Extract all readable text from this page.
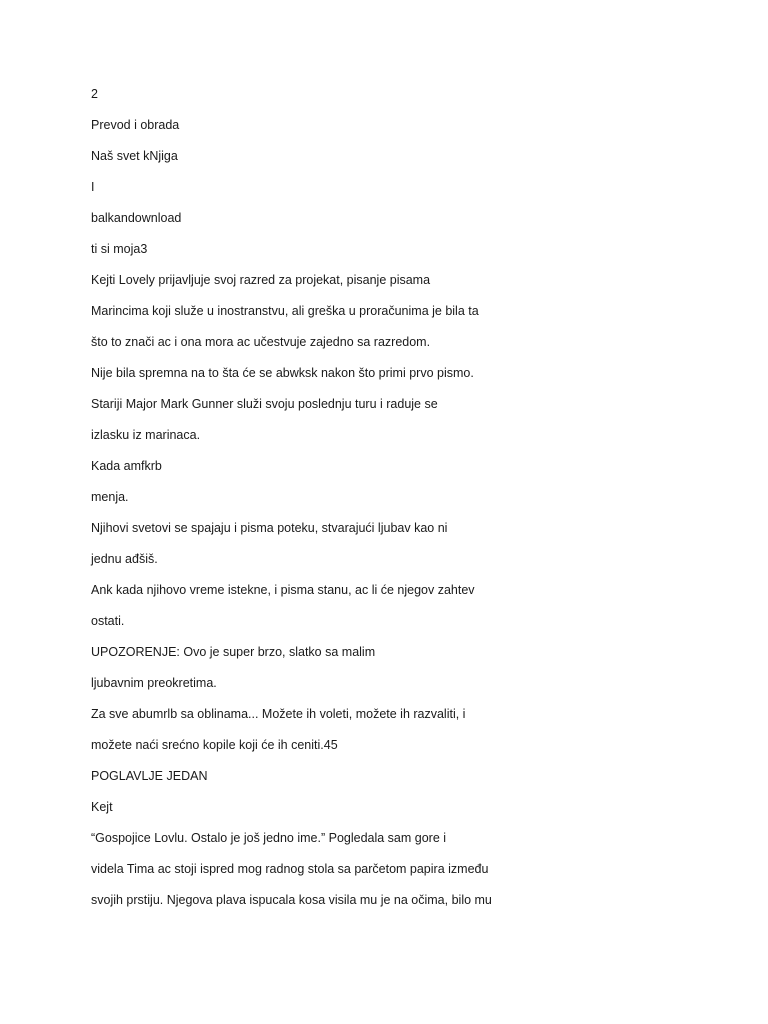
2

Prevod i obrada

Naš svet kNjiga

I

balkandownload

ti si moja3

Kejti Lovely prijavljuje svoj razred za projekat, pisanje pisama

Marincima koji služe u inostranstvu, ali greška u proračunima je bila ta

što to znači ac i ona mora ac učestvuje zajedno sa razredom.

Nije bila spremna na to šta će se abwksk nakon što primi prvo pismo.

Stariji Major Mark Gunner služi svoju poslednju turu i raduje se

izlasku iz marinaca.

Kada amfkrb

menja.

Njihovi svetovi se spajaju i pisma poteku, stvarajući ljubav kao ni

jednu ađšiš.

Ank kada njihovo vreme istekne, i pisma stanu, ac li će njegov zahtev

ostati.

UPOZORENJE: Ovo je super brzo, slatko sa malim

ljubavnim preokretima.

Za sve abumrlb sa oblinama... Možete ih voleti, možete ih razvaliti, i

možete naći srećno kopile koji će ih ceniti.45

POGLAVLJE JEDAN

Kejt

“Gospojice Lovlu. Ostalo je još jedno ime.” Pogledala sam gore i

videla Tima ac stoji ispred mog radnog stola sa parčetom papira između

svojih prstiju. Njegova plava ispucala kosa visila mu je na očima, bilo mu
